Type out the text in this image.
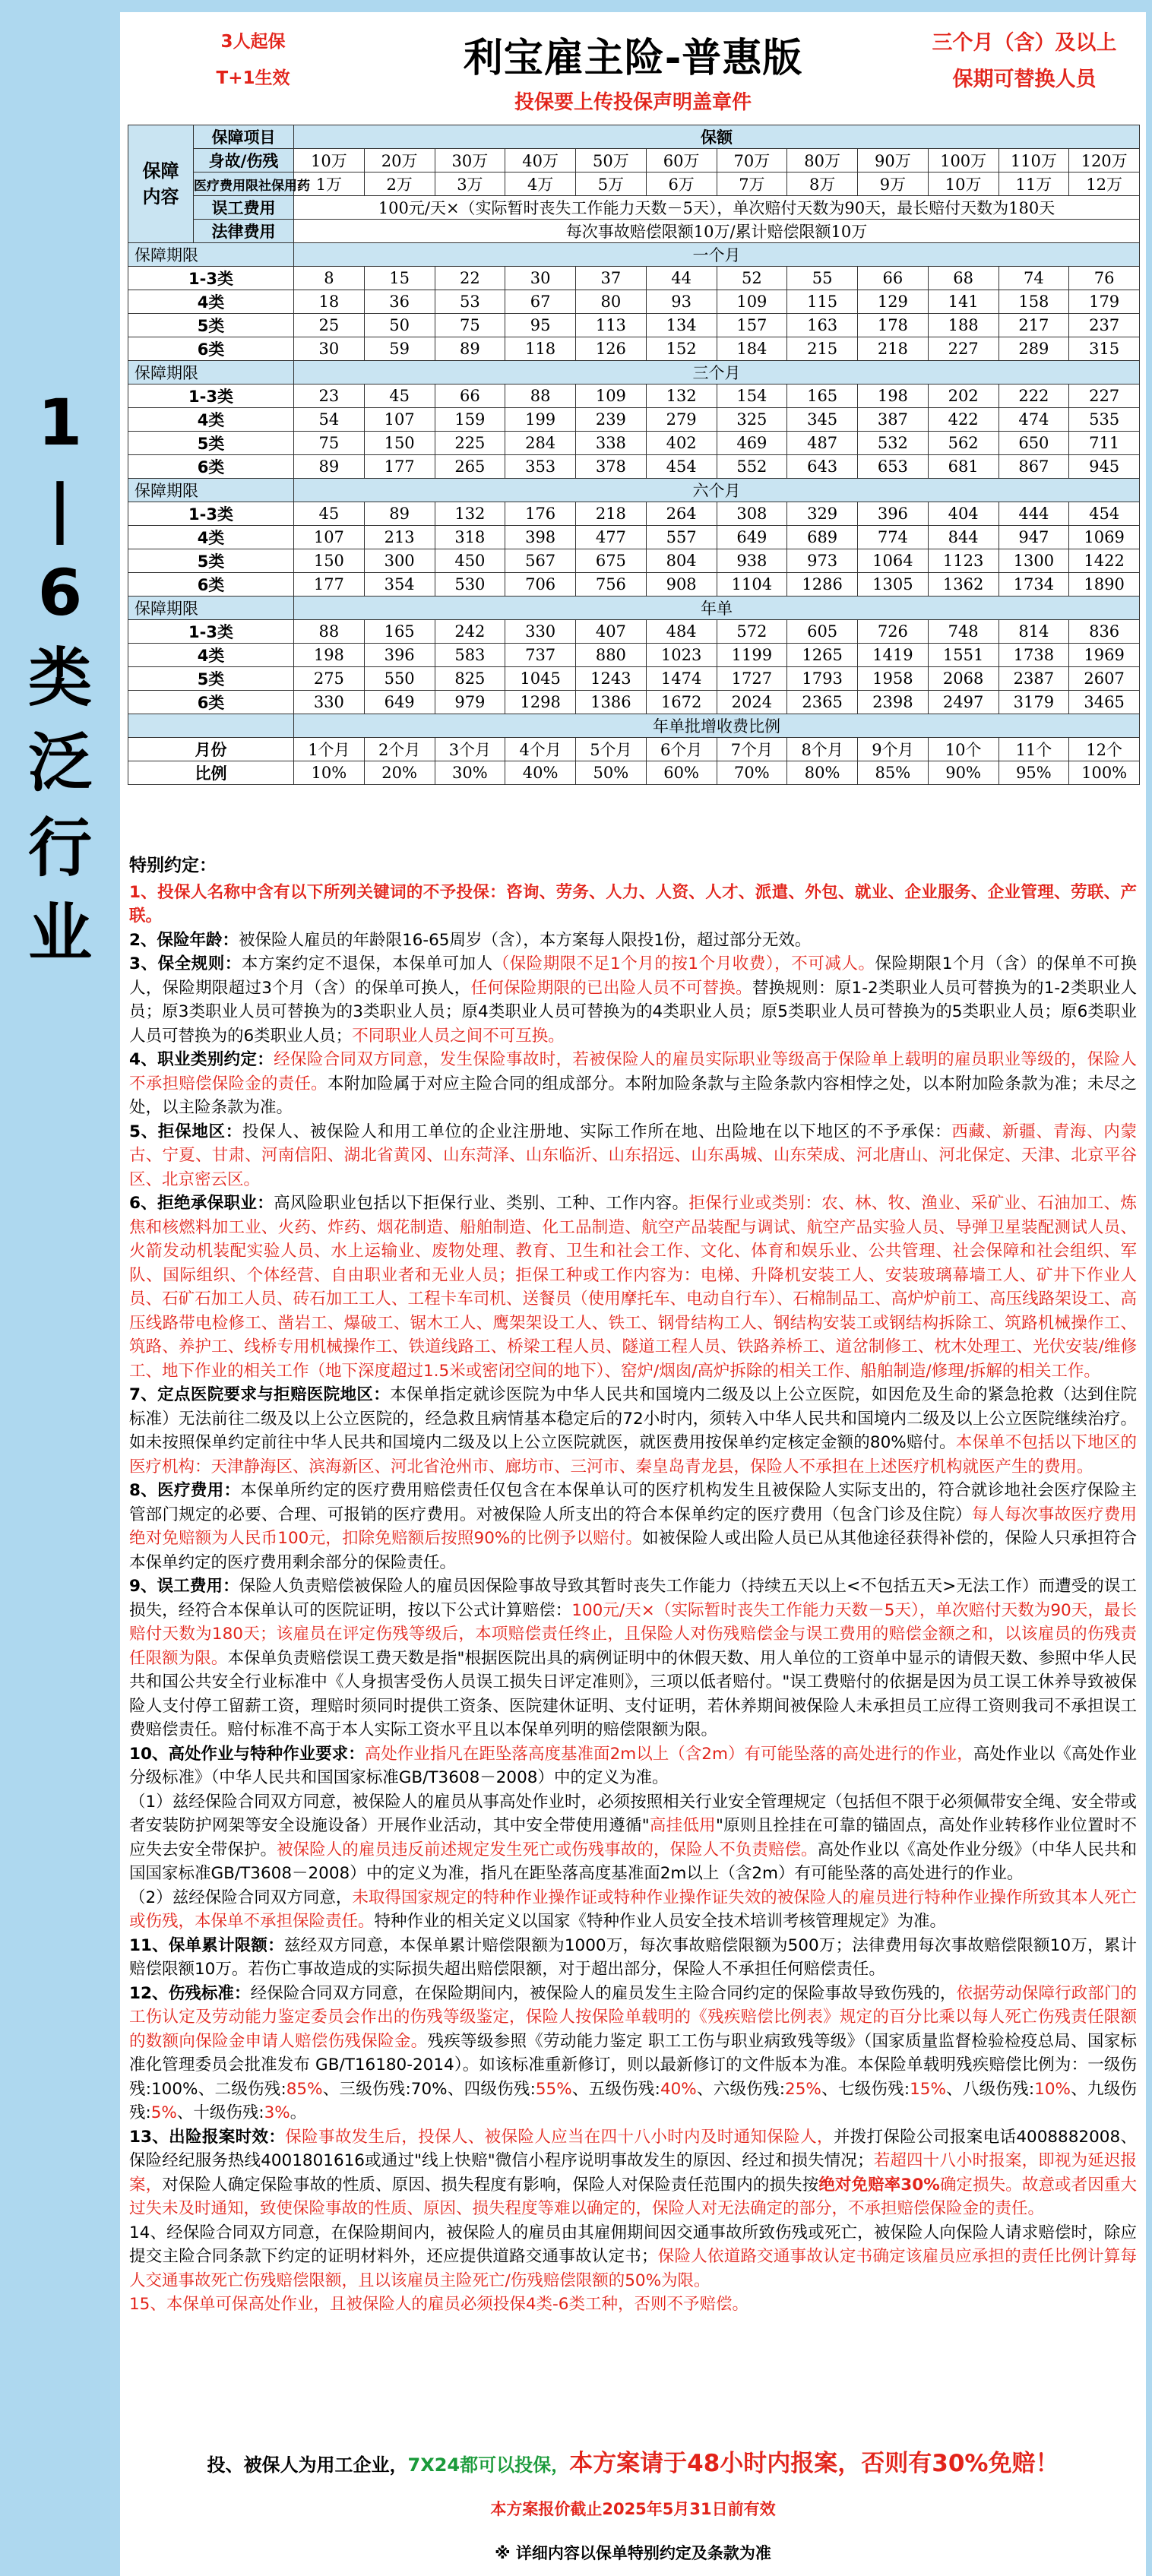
1
|
6
类
泛
行
业
3人起保
T+1生效	利宝雇主险-普惠版
投保要上传投保声明盖章件
三个月（含）及以上
保期可替换人员
保障内容	保障项目	保额											
	身故/伤残	10万	20万	30万	40万	50万	60万	70万	80万	90万	100万	110万	120万
	医疗费用限社保用药	1万	2万	3万	4万	5万	6万	7万	8万	9万	10万	11万	12万
	误工费用	100元/天×（实际暂时丧失工作能力天数－5天），单次赔付天数为90天，最长赔付天数为180天											
	法律费用	每次事故赔偿限额10万/累计赔偿限额10万											
保障期限		一个月											
1-3类		8	15	22	30	37	44	52	55	66	68	74	76
4类		18	36	53	67	80	93	109	115	129	141	158	179
5类		25	50	75	95	113	134	157	163	178	188	217	237
6类		30	59	89	118	126	152	184	215	218	227	289	315
保障期限		三个月											
1-3类		23	45	66	88	109	132	154	165	198	202	222	227
4类		54	107	159	199	239	279	325	345	387	422	474	535
5类		75	150	225	284	338	402	469	487	532	562	650	711
6类		89	177	265	353	378	454	552	643	653	681	867	945
保障期限		六个月											
1-3类		45	89	132	176	218	264	308	329	396	404	444	454
4类		107	213	318	398	477	557	649	689	774	844	947	1069
5类		150	300	450	567	675	804	938	973	1064	1123	1300	1422
6类		177	354	530	706	756	908	1104	1286	1305	1362	1734	1890
保障期限		年单											
1-3类		88	165	242	330	407	484	572	605	726	748	814	836
4类		198	396	583	737	880	1023	1199	1265	1419	1551	1738	1969
5类		275	550	825	1045	1243	1474	1727	1793	1958	2068	2387	2607
6类		330	649	979	1298	1386	1672	2024	2365	2398	2497	3179	3465
		年单批增收费比例											
月份		1个月	2个月	3个月	4个月	5个月	6个月	7个月	8个月	9个月	10个	11个	12个
比例		10%	20%	30%	40%	50%	60%	70%	80%	85%	90%	95%	100%
特别约定：

1、投保人名称中含有以下所列关键词的不予投保：咨询、劳务、人力、人资、人才、派遣、外包、就业、企业服务、企业管理、劳联、产联。

2、保险年龄：被保险人雇员的年龄限16-65周岁（含），本方案每人限投1份，超过部分无效。

3、保全规则：本方案约定不退保，本保单可加人（保险期限不足1个月的按1个月收费），不可减人。保险期限1个月（含）的保单不可换人，保险期限超过3个月（含）的保单可换人，任何保险期限的已出险人员不可替换。替换规则：原1-2类职业人员可替换为的1-2类职业人员；原3类职业人员可替换为的3类职业人员；原4类职业人员可替换为的4类职业人员；原5类职业人员可替换为的5类职业人员；原6类职业人员可替换为的6类职业人员；不同职业人员之间不可互换。

4、职业类别约定：经保险合同双方同意，发生保险事故时，若被保险人的雇员实际职业等级高于保险单上载明的雇员职业等级的，保险人不承担赔偿保险金的责任。本附加险属于对应主险合同的组成部分。本附加险条款与主险条款内容相悖之处，以本附加险条款为准；未尽之处，以主险条款为准。

5、拒保地区：投保人、被保险人和用工单位的企业注册地、实际工作所在地、出险地在以下地区的不予承保：西藏、新疆、青海、内蒙古、宁夏、甘肃、河南信阳、湖北省黄冈、山东菏泽、山东临沂、山东招远、山东禹城、山东荣成、河北唐山、河北保定、天津、北京平谷区、北京密云区。

6、拒绝承保职业：高风险职业包括以下拒保行业、类别、工种、工作内容。拒保行业或类别：农、林、牧、渔业、采矿业、石油加工、炼焦和核燃料加工业、火药、炸药、烟花制造、船舶制造、化工品制造、航空产品装配与调试、航空产品实验人员、导弹卫星装配测试人员、火箭发动机装配实验人员、水上运输业、废物处理、教育、卫生和社会工作、文化、体育和娱乐业、公共管理、社会保障和社会组织、军队、国际组织、个体经营、自由职业者和无业人员；拒保工种或工作内容为：电梯、升降机安装工人、安装玻璃幕墙工人、矿井下作业人员、石矿石加工人员、砖石加工工人、工程卡车司机、送餐员（使用摩托车、电动自行车）、石棉制品工、高炉炉前工、高压线路架设工、高压线路带电检修工、凿岩工、爆破工、锯木工人、鹰架架设工人、铁工、钢骨结构工人、钢结构安装工或钢结构拆除工、筑路机械操作工、筑路、养护工、线桥专用机械操作工、铁道线路工、桥梁工程人员、隧道工程人员、铁路养桥工、道岔制修工、枕木处理工、光伏安装/维修工、地下作业的相关工作（地下深度超过1.5米或密闭空间的地下）、窑炉/烟囱/高炉拆除的相关工作、船舶制造/修理/拆解的相关工作。

7、定点医院要求与拒赔医院地区：本保单指定就诊医院为中华人民共和国境内二级及以上公立医院，如因危及生命的紧急抢救（达到住院标准）无法前往二级及以上公立医院的，经急救且病情基本稳定后的72小时内，须转入中华人民共和国境内二级及以上公立医院继续治疗。如未按照保单约定前往中华人民共和国境内二级及以上公立医院就医，就医费用按保单约定核定金额的80%赔付。本保单不包括以下地区的医疗机构：天津静海区、滨海新区、河北省沧州市、廊坊市、三河市、秦皇岛青龙县，保险人不承担在上述医疗机构就医产生的费用。

8、医疗费用：本保单所约定的医疗费用赔偿责任仅包含在本保单认可的医疗机构发生且被保险人实际支出的，符合就诊地社会医疗保险主管部门规定的必要、合理、可报销的医疗费用。对被保险人所支出的符合本保单约定的医疗费用（包含门诊及住院）每人每次事故医疗费用绝对免赔额为人民币100元，扣除免赔额后按照90%的比例予以赔付。如被保险人或出险人员已从其他途径获得补偿的，保险人只承担符合本保单约定的医疗费用剩余部分的保险责任。

9、误工费用：保险人负责赔偿被保险人的雇员因保险事故导致其暂时丧失工作能力（持续五天以上<不包括五天>无法工作）而遭受的误工损失，经符合本保单认可的医院证明，按以下公式计算赔偿：100元/天×（实际暂时丧失工作能力天数－5天），单次赔付天数为90天，最长赔付天数为180天；该雇员在评定伤残等级后，本项赔偿责任终止，且保险人对伤残赔偿金与误工费用的赔偿金额之和，以该雇员的伤残责任限额为限。本保单负责赔偿误工费天数是指"根据医院出具的病例证明中的休假天数、用人单位的工资单中显示的请假天数、参照中华人民共和国公共安全行业标准中《人身损害受伤人员误工损失日评定准则》，三项以低者赔付。"误工费赔付的依据是因为员工误工休养导致被保险人支付停工留薪工资，理赔时须同时提供工资条、医院建休证明、支付证明，若休养期间被保险人未承担员工应得工资则我司不承担误工费赔偿责任。赔付标准不高于本人实际工资水平且以本保单列明的赔偿限额为限。

10、高处作业与特种作业要求：高处作业指凡在距坠落高度基准面2m以上（含2m）有可能坠落的高处进行的作业，高处作业以《高处作业分级标准》（中华人民共和国国家标准GB/T3608－2008）中的定义为准。

（1）兹经保险合同双方同意，被保险人的雇员从事高处作业时，必须按照相关行业安全管理规定（包括但不限于必须佩带安全绳、安全带或者安装防护网架等安全设施设备）开展作业活动，其中安全带使用遵循"高挂低用"原则且拴挂在可靠的锚固点，高处作业转移作业位置时不应失去安全带保护。被保险人的雇员违反前述规定发生死亡或伤残事故的，保险人不负责赔偿。高处作业以《高处作业分级》（中华人民共和国国家标准GB/T3608－2008）中的定义为准，指凡在距坠落高度基准面2m以上（含2m）有可能坠落的高处进行的作业。

（2）兹经保险合同双方同意，未取得国家规定的特种作业操作证或特种作业操作证失效的被保险人的雇员进行特种作业操作所致其本人死亡或伤残，本保单不承担保险责任。特种作业的相关定义以国家《特种作业人员安全技术培训考核管理规定》为准。

11、保单累计限额：兹经双方同意，本保单累计赔偿限额为1000万，每次事故赔偿限额为500万；法律费用每次事故赔偿限额10万，累计赔偿限额10万。若伤亡事故造成的实际损失超出赔偿限额，对于超出部分，保险人不承担任何赔偿责任。

12、伤残标准：经保险合同双方同意，在保险期间内，被保险人的雇员发生主险合同约定的保险事故导致伤残的，依据劳动保障行政部门的工伤认定及劳动能力鉴定委员会作出的伤残等级鉴定，保险人按保险单载明的《残疾赔偿比例表》规定的百分比乘以每人死亡伤残责任限额的数额向保险金申请人赔偿伤残保险金。残疾等级参照《劳动能力鉴定 职工工伤与职业病致残等级》（国家质量监督检验检疫总局、国家标准化管理委员会批准发布 GB/T16180-2014）。如该标准重新修订，则以最新修订的文件版本为准。本保险单载明残疾赔偿比例为：一级伤残:100%、二级伤残:85%、三级伤残:70%、四级伤残:55%、五级伤残:40%、六级伤残:25%、七级伤残:15%、八级伤残:10%、九级伤残:5%、十级伤残:3%。

13、出险报案时效：保险事故发生后，投保人、被保险人应当在四十八小时内及时通知保险人，并拨打保险公司报案电话4008882008、保险经纪服务热线4001801616或通过"线上快赔"微信小程序说明事故发生的原因、经过和损失情况；若超四十八小时报案，即视为延迟报案，对保险人确定保险事故的性质、原因、损失程度有影响，保险人对保险责任范围内的损失按绝对免赔率30%确定损失。故意或者因重大过失未及时通知，致使保险事故的性质、原因、损失程度等难以确定的，保险人对无法确定的部分，不承担赔偿保险金的责任。

14、经保险合同双方同意，在保险期间内，被保险人的雇员由其雇佣期间因交通事故所致伤残或死亡，被保险人向保险人请求赔偿时，除应提交主险合同条款下约定的证明材料外，还应提供道路交通事故认定书；保险人依道路交通事故认定书确定该雇员应承担的责任比例计算每人交通事故死亡伤残赔偿限额，且以该雇员主险死亡/伤残赔偿限额的50%为限。

15、本保单可保高处作业，且被保险人的雇员必须投保4类-6类工种，否则不予赔偿。

投、被保人为用工企业，7X24都可以投保，本方案请于48小时内报案，否则有30%免赔！
本方案报价截止2025年5月31日前有效
※ 详细内容以保单特别约定及条款为准
